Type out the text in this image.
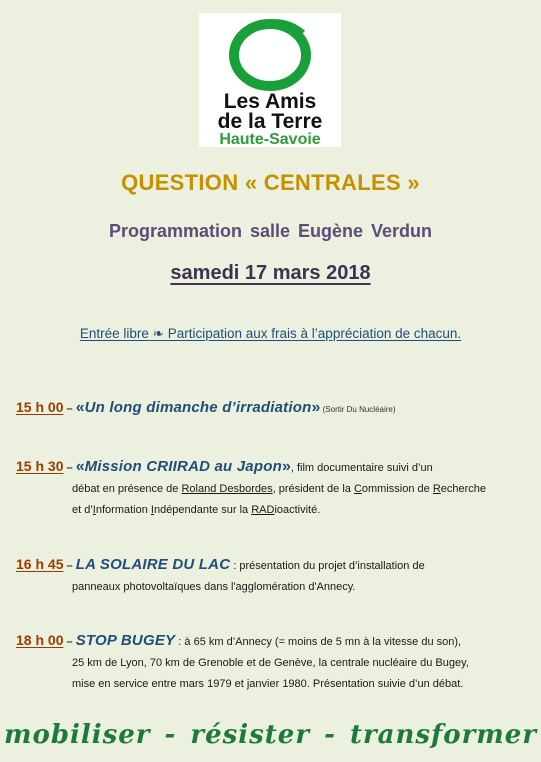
Les Amis
de la Terre
Haute-Savoie
QUESTION « CENTRALES »
Programmation salle Eugène Verdun
samedi 17 mars 2018
Entrée libre ❧ Participation aux frais à l’appréciation de chacun.
15 h 00 – «Un long dimanche d’irradiation» (Sortir Du Nucléaire)
15 h 30 – «Mission CRIIRAD au Japon», film documentaire suivi d’un
débat en présence de Roland Desbordes, président de la Commission de Recherche
et d’Information Indépendante sur la RADioactivité.
16 h 45 – LA SOLAIRE DU LAC : présentation du projet d’installation de
panneaux photovoltaïques dans l'agglomération d'Annecy.
18 h 00 – STOP BUGEY : à 65 km d’Annecy (= moins de 5 mn à la vitesse du son),
25 km de Lyon, 70 km de Grenoble et de Genève, la centrale nucléaire du Bugey,
mise en service entre mars 1979 et janvier 1980. Présentation suivie d’un débat.
mobiliser - résister - transformer
